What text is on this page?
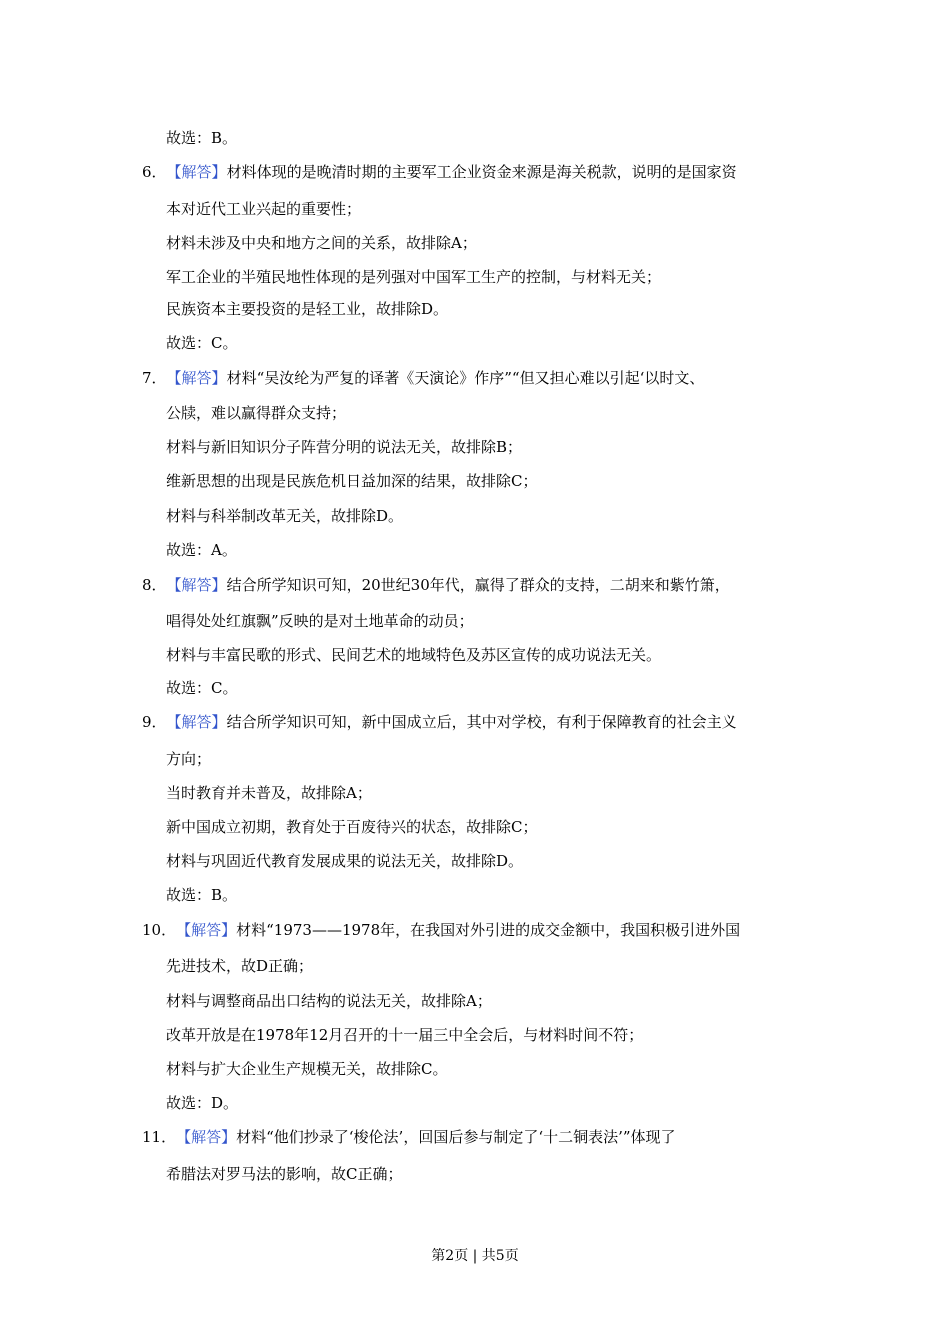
故选：B。
6．【解答】材料体现的是晚清时期的主要军工企业资金来源是海关税款，说明的是国家资
本对近代工业兴起的重要性；
材料未涉及中央和地方之间的关系，故排除A；
军工企业的半殖民地性体现的是列强对中国军工生产的控制，与材料无关；
民族资本主要投资的是轻工业，故排除D。
故选：C。
7．【解答】材料“吴汝纶为严复的译著《天演论》作序”“但又担心难以引起‘以时文、
公牍，难以赢得群众支持；
材料与新旧知识分子阵营分明的说法无关，故排除B；
维新思想的出现是民族危机日益加深的结果，故排除C；
材料与科举制改革无关，故排除D。
故选：A。
8．【解答】结合所学知识可知，20世纪30年代，赢得了群众的支持，二胡来和紫竹箫，
唱得处处红旗飘”反映的是对土地革命的动员；
材料与丰富民歌的形式、民间艺术的地域特色及苏区宣传的成功说法无关。
故选：C。
9．【解答】结合所学知识可知，新中国成立后，其中对学校，有利于保障教育的社会主义
方向；
当时教育并未普及，故排除A；
新中国成立初期，教育处于百废待兴的状态，故排除C；
材料与巩固近代教育发展成果的说法无关，故排除D。
故选：B。
10．【解答】材料“1973——1978年，在我国对外引进的成交金额中，我国积极引进外国
先进技术，故D正确；
材料与调整商品出口结构的说法无关，故排除A；
改革开放是在1978年12月召开的十一届三中全会后，与材料时间不符；
材料与扩大企业生产规模无关，故排除C。
故选：D。
11．【解答】材料“他们抄录了‘梭伦法’，回国后参与制定了‘十二铜表法’”体现了
希腊法对罗马法的影响，故C正确；
第2页 | 共5页
